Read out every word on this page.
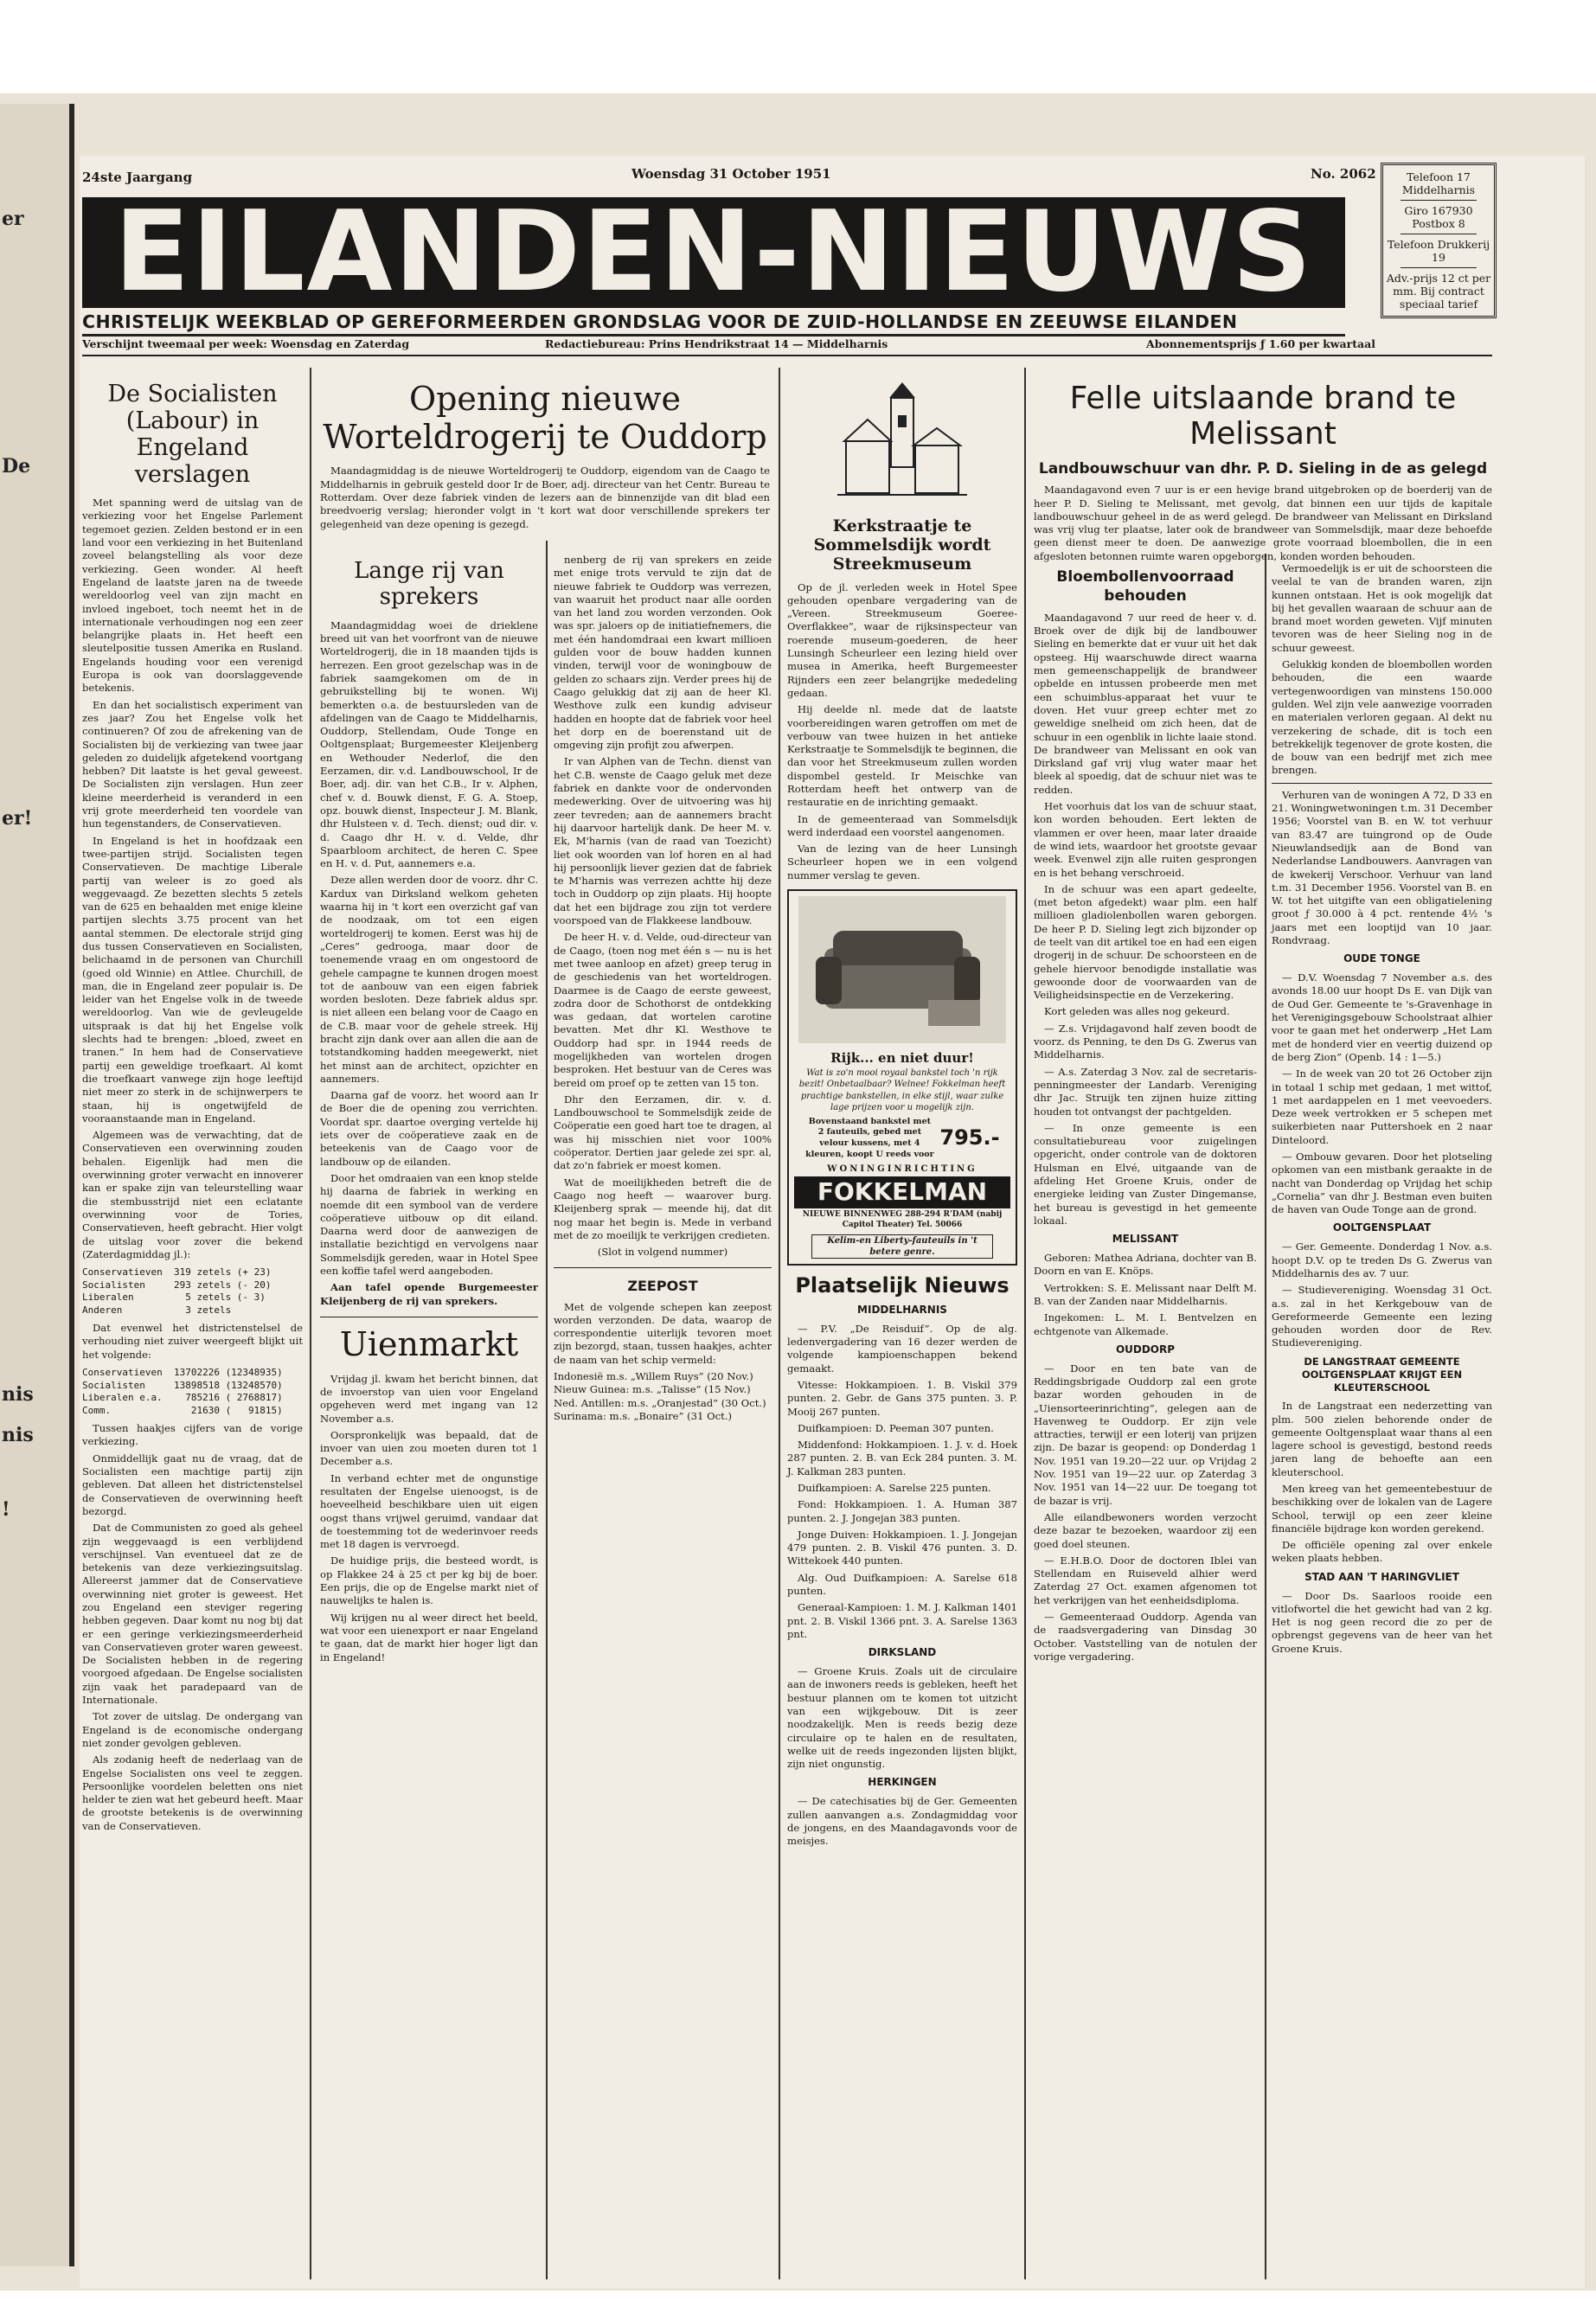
er
De
er!
nis
nis
!
24ste Jaargang	Woensdag 31 October 1951	No. 2062
EILANDEN-NIEUWS
CHRISTELIJK WEEKBLAD OP GEREFORMEERDEN GRONDSLAG VOOR DE ZUID-HOLLANDSE EN ZEEUWSE EILANDEN
Verschijnt tweemaal per week: Woensdag en Zaterdag	Redactiebureau: Prins Hendrikstraat 14 — Middelharnis	Abonnementsprijs ƒ 1.60 per kwartaal
Telefoon 17 Middelharnis
Giro 167930 Postbox 8
Telefoon Drukkerij 19
Adv.-prijs 12 ct per mm. Bij contract speciaal tarief
De Socialisten (Labour) in Engeland verslagen

Met spanning werd de uitslag van de verkiezing voor het Engelse Parlement tegemoet gezien. Zelden bestond er in een land voor een verkiezing in het Buitenland zoveel belangstelling als voor deze verkiezing. Geen wonder. Al heeft Engeland de laatste jaren na de tweede wereldoorlog veel van zijn macht en invloed ingeboet, toch neemt het in de internationale verhoudingen nog een zeer belangrijke plaats in. Het heeft een sleutelpositie tussen Amerika en Rusland. Engelands houding voor een verenigd Europa is ook van doorslaggevende betekenis.

En dan het socialistisch experiment van zes jaar? Zou het Engelse volk het continueren? Of zou de afrekening van de Socialisten bij de verkiezing van twee jaar geleden zo duidelijk afgetekend voortgang hebben? Dit laatste is het geval geweest. De Socialisten zijn verslagen. Hun zeer kleine meerderheid is veranderd in een vrij grote meerderheid ten voordele van hun tegenstanders, de Conservatieven.

In Engeland is het in hoofdzaak een twee-partijen strijd. Socialisten tegen Conservatieven. De machtige Liberale partij van weleer is zo goed als weggevaagd. Ze bezetten slechts 5 zetels van de 625 en behaalden met enige kleine partijen slechts 3.75 procent van het aantal stemmen. De electorale strijd ging dus tussen Conservatieven en Socialisten, belichaamd in de personen van Churchill (goed old Winnie) en Attlee. Churchill, de man, die in Engeland zeer populair is. De leider van het Engelse volk in de tweede wereldoorlog. Van wie de gevleugelde uitspraak is dat hij het Engelse volk slechts had te brengen: „bloed, zweet en tranen.” In hem had de Conservatieve partij een geweldige troefkaart. Al komt die troefkaart vanwege zijn hoge leeftijd niet meer zo sterk in de schijnwerpers te staan, hij is ongetwijfeld de vooraanstaande man in Engeland.

Algemeen was de verwachting, dat de Conservatieven een overwinning zouden behalen. Eigenlijk had men die overwinning groter verwacht en innoverer kan er spake zijn van teleurstelling waar die stembusstrijd niet een eclatante overwinning voor de Tories, Conservatieven, heeft gebracht. Hier volgt de uitslag voor zover die bekend (Zaterdagmiddag jl.):

Conservatieven  319 zetels (+ 23)
Socialisten     293 zetels (- 20)
Liberalen         5 zetels (- 3)
Anderen           3 zetels

Dat evenwel het districtenstelsel de verhouding niet zuiver weergeeft blijkt uit het volgende:

Conservatieven  13702226 (12348935)
Socialisten     13898518 (13248570)
Liberalen e.a.    785216 ( 2768817)
Comm.              21630 (   91815)

Tussen haakjes cijfers van de vorige verkiezing.

Onmiddellijk gaat nu de vraag, dat de Socialisten een machtige partij zijn gebleven. Dat alleen het districtenstelsel de Conservatieven de overwinning heeft bezorgd.

Dat de Communisten zo goed als geheel zijn weggevaagd is een verblijdend verschijnsel. Van eventueel dat ze de betekenis van deze verkiezingsuitslag. Allereerst jammer dat de Conservatieve overwinning niet groter is geweest. Het zou Engeland een steviger regering hebben gegeven. Daar komt nu nog bij dat er een geringe verkiezingsmeerderheid van Conservatieven groter waren geweest. De Socialisten hebben in de regering voorgoed afgedaan. De Engelse socialisten zijn vaak het paradepaard van de Internationale.

Tot zover de uitslag. De ondergang van Engeland is de economische ondergang niet zonder gevolgen gebleven.

Als zodanig heeft de nederlaag van de Engelse Socialisten ons veel te zeggen. Persoonlijke voordelen beletten ons niet helder te zien wat het gebeurd heeft. Maar de grootste betekenis is de overwinning van de Conservatieven.

Opening nieuwe Worteldrogerij te Ouddorp

Maandagmiddag is de nieuwe Worteldrogerij te Ouddorp, eigendom van de Caago te Middelharnis in gebruik gesteld door Ir de Boer, adj. directeur van het Centr. Bureau te Rotterdam. Over deze fabriek vinden de lezers aan de binnenzijde van dit blad een breedvoerig verslag; hieronder volgt in 't kort wat door verschillende sprekers ter gelegenheid van deze opening is gezegd.

Lange rij van sprekers

Maandagmiddag woei de drieklene breed uit van het voorfront van de nieuwe Worteldrogerij, die in 18 maanden tijds is herrezen. Een groot gezelschap was in de fabriek saamgekomen om de in gebruikstelling bij te wonen. Wij bemerkten o.a. de bestuursleden van de afdelingen van de Caago te Middelharnis, Ouddorp, Stellendam, Oude Tonge en Ooltgensplaat; Burgemeester Kleijenberg en Wethouder Nederlof, die den Eerzamen, dir. v.d. Landbouwschool, Ir de Boer, adj. dir. van het C.B., Ir v. Alphen, chef v. d. Bouwk dienst, F. G. A. Stoep, opz. bouwk dienst, Inspecteur J. M. Blank, dhr Hulsteen v. d. Tech. dienst; oud dir. v. d. Caago dhr H. v. d. Velde, dhr Spaarbloom architect, de heren C. Spee en H. v. d. Put, aannemers e.a.

Deze allen werden door de voorz. dhr C. Kardux van Dirksland welkom geheten waarna hij in 't kort een overzicht gaf van de noodzaak, om tot een eigen worteldrogerij te komen. Eerst was hij de „Ceres” gedrooga, maar door de toenemende vraag en om ongestoord de gehele campagne te kunnen drogen moest tot de aanbouw van een eigen fabriek worden besloten. Deze fabriek aldus spr. is niet alleen een belang voor de Caago en de C.B. maar voor de gehele streek. Hij bracht zijn dank over aan allen die aan de totstandkoming hadden meegewerkt, niet het minst aan de architect, opzichter en aannemers.

Daarna gaf de voorz. het woord aan Ir de Boer die de opening zou verrichten. Voordat spr. daartoe overging vertelde hij iets over de coöperatieve zaak en de beteekenis van de Caago voor de landbouw op de eilanden.

Door het omdraaien van een knop stelde hij daarna de fabriek in werking en noemde dit een symbool van de verdere coöperatieve uitbouw op dit eiland. Daarna werd door de aanwezigen de installatie bezichtigd en vervolgens naar Sommelsdijk gereden, waar in Hotel Spee een koffie tafel werd aangeboden.

Aan tafel opende Burgemeester Kleijenberg de rij van sprekers.

Uienmarkt

Vrijdag jl. kwam het bericht binnen, dat de invoerstop van uien voor Engeland opgeheven werd met ingang van 12 November a.s.

Oorspronkelijk was bepaald, dat de invoer van uien zou moeten duren tot 1 December a.s.

In verband echter met de ongunstige resultaten der Engelse uienoogst, is de hoeveelheid beschikbare uien uit eigen oogst thans vrijwel geruimd, vandaar dat de toestemming tot de wederinvoer reeds met 18 dagen is vervroegd.

De huidige prijs, die besteed wordt, is op Flakkee 24 à 25 ct per kg bij de boer. Een prijs, die op de Engelse markt niet of nauwelijks te halen is.

Wij krijgen nu al weer direct het beeld, wat voor een uienexport er naar Engeland te gaan, dat de markt hier hoger ligt dan in Engeland!

nenberg de rij van sprekers en zeide met enige trots vervuld te zijn dat de nieuwe fabriek te Ouddorp was verrezen, van waaruit het product naar alle oorden van het land zou worden verzonden. Ook was spr. jaloers op de initiatiefnemers, die met één handomdraai een kwart millioen gulden voor de bouw hadden kunnen vinden, terwijl voor de woningbouw de gelden zo schaars zijn. Verder prees hij de Caago gelukkig dat zij aan de heer Kl. Westhove zulk een kundig adviseur hadden en hoopte dat de fabriek voor heel het dorp en de boerenstand uit de omgeving zijn profijt zou afwerpen.

Ir van Alphen van de Techn. dienst van het C.B. wenste de Caago geluk met deze fabriek en dankte voor de ondervonden medewerking. Over de uitvoering was hij zeer tevreden; aan de aannemers bracht hij daarvoor hartelijk dank. De heer M. v. Ek, M'harnis (van de raad van Toezicht) liet ook woorden van lof horen en al had hij persoonlijk liever gezien dat de fabriek te M'harnis was verrezen achtte hij deze toch in Ouddorp op zijn plaats. Hij hoopte dat het een bijdrage zou zijn tot verdere voorspoed van de Flakkeese landbouw.

De heer H. v. d. Velde, oud-directeur van de Caago, (toen nog met één s — nu is het met twee aanloop en afzet) greep terug in de geschiedenis van het worteldrogen. Daarmee is de Caago de eerste geweest, zodra door de Schothorst de ontdekking was gedaan, dat wortelen carotine bevatten. Met dhr Kl. Westhove te Ouddorp had spr. in 1944 reeds de mogelijkheden van wortelen drogen besproken. Het bestuur van de Ceres was bereid om proef op te zetten van 15 ton.

Dhr den Eerzamen, dir. v. d. Landbouwschool te Sommelsdijk zeide de Coöperatie een goed hart toe te dragen, al was hij misschien niet voor 100% coöperator. Dertien jaar gelede zei spr. al, dat zo'n fabriek er moest komen.

Wat de moeilijkheden betreft die de Caago nog heeft — waarover burg. Kleijenberg sprak — meende hij, dat dit nog maar het begin is. Mede in verband met de zo moeilijk te verkrijgen credieten.

(Slot in volgend nummer)

ZEEPOST

Met de volgende schepen kan zeepost worden verzonden. De data, waarop de correspondentie uiterlijk tevoren moet zijn bezorgd, staan, tussen haakjes, achter de naam van het schip vermeld:

Indonesië m.s. „Willem Ruys” (20 Nov.)
Nieuw Guinea: m.s. „Talisse” (15 Nov.)
Ned. Antillen: m.s. „Oranjestad” (30 Oct.)
Surinama: m.s. „Bonaire” (31 Oct.)
Kerkstraatje te Sommelsdijk wordt Streekmuseum

Op de jl. verleden week in Hotel Spee gehouden openbare vergadering van de „Vereen. Streekmuseum Goeree-Overflakkee”, waar de rijksinspecteur van roerende museum-goederen, de heer Lunsingh Scheurleer een lezing hield over musea in Amerika, heeft Burgemeester Rijnders een zeer belangrijke mededeling gedaan.

Hij deelde nl. mede dat de laatste voorbereidingen waren getroffen om met de verbouw van twee huizen in het antieke Kerkstraatje te Sommelsdijk te beginnen, die dan voor het Streekmuseum zullen worden dispombel gesteld. Ir Meischke van Rotterdam heeft het ontwerp van de restauratie en de inrichting gemaakt.

In de gemeenteraad van Sommelsdijk werd inderdaad een voorstel aangenomen.

Van de lezing van de heer Lunsingh Scheurleer hopen we in een volgend nummer verslag te geven.

Rijk... en niet duur!
Wat is zo'n mooi royaal bankstel toch 'n rijk bezit! Onbetaalbaar? Welnee! Fokkelman heeft prachtige bankstellen, in elke stijl, waar zulke lage prijzen voor u mogelijk zijn.
Bovenstaand bankstel met 2 fauteuils, gebed met velour kussens, met 4 kleuren, koopt U reeds voor
795.-
WONINGINRICHTING
FOKKELMAN
NIEUWE BINNENWEG 288-294 R'DAM (nabij Capitol Theater) Tel. 50066
Kelim-en Liberty-fauteuils in 't betere genre.
Plaatselijk Nieuws
MIDDELHARNIS

— P.V. „De Reisduif”. Op de alg. ledenvergadering van 16 dezer werden de volgende kampioenschappen bekend gemaakt.

Vitesse: Hokkampioen. 1. B. Viskil 379 punten. 2. Gebr. de Gans 375 punten. 3. P. Mooij 267 punten.

Duifkampioen: D. Peeman 307 punten.

Middenfond: Hokkampioen. 1. J. v. d. Hoek 287 punten. 2. B. van Eck 284 punten. 3. M. J. Kalkman 283 punten.

Duifkampioen: A. Sarelse 225 punten.

Fond: Hokkampioen. 1. A. Human 387 punten. 2. J. Jongejan 383 punten.

Jonge Duiven: Hokkampioen. 1. J. Jongejan 479 punten. 2. B. Viskil 476 punten. 3. D. Wittekoek 440 punten.

Alg. Oud Duifkampioen: A. Sarelse 618 punten.

Generaal-Kampioen: 1. M. J. Kalkman 1401 pnt. 2. B. Viskil 1366 pnt. 3. A. Sarelse 1363 pnt.

DIRKSLAND

— Groene Kruis. Zoals uit de circulaire aan de inwoners reeds is gebleken, heeft het bestuur plannen om te komen tot uitzicht van een wijkgebouw. Dit is zeer noodzakelijk. Men is reeds bezig deze circulaire op te halen en de resultaten, welke uit de reeds ingezonden lijsten blijkt, zijn niet ongunstig.

HERKINGEN

— De catechisaties bij de Ger. Gemeenten zullen aanvangen a.s. Zondagmiddag voor de jongens, en des Maandagavonds voor de meisjes.

Felle uitslaande brand te Melissant
Landbouwschuur van dhr. P. D. Sieling in de as gelegd

Maandagavond even 7 uur is er een hevige brand uitgebroken op de boerderij van de heer P. D. Sieling te Melissant, met gevolg, dat binnen een uur tijds de kapitale landbouwschuur geheel in de as werd gelegd. De brandweer van Melissant en Dirksland was vrij vlug ter plaatse, later ook de brandweer van Sommelsdijk, maar deze behoefde geen dienst meer te doen. De aanwezige grote voorraad bloembollen, die in een afgesloten betonnen ruimte waren opgeborgen, konden worden behouden.

Bloembollenvoorraad behouden

Maandagavond 7 uur reed de heer v. d. Broek over de dijk bij de landbouwer Sieling en bemerkte dat er vuur uit het dak opsteeg. Hij waarschuwde direct waarna men gemeenschappelijk de brandweer opbelde en intussen probeerde men met een schuimblus-apparaat het vuur te doven. Het vuur greep echter met zo geweldige snelheid om zich heen, dat de schuur in een ogenblik in lichte laaie stond. De brandweer van Melissant en ook van Dirksland gaf vrij vlug water maar het bleek al spoedig, dat de schuur niet was te redden.

Het voorhuis dat los van de schuur staat, kon worden behouden. Eert lekten de vlammen er over heen, maar later draaide de wind iets, waardoor het grootste gevaar week. Evenwel zijn alle ruiten gesprongen en is het behang verschroeid.

In de schuur was een apart gedeelte, (met beton afgedekt) waar plm. een half millioen gladiolenbollen waren geborgen. De heer P. D. Sieling legt zich bijzonder op de teelt van dit artikel toe en had een eigen drogerij in de schuur. De schoorsteen en de gehele hiervoor benodigde installatie was gewoonde door de voorwaarden van de Veiligheidsinspectie en de Verzekering.

Kort geleden was alles nog gekeurd.

— Z.s. Vrijdagavond half zeven boodt de voorz. ds Penning, te den Ds G. Zwerus van Middelharnis.

— A.s. Zaterdag 3 Nov. zal de secretaris-penningmeester der Landarb. Vereniging dhr Jac. Struijk ten zijnen huize zitting houden tot ontvangst der pachtgelden.

— In onze gemeente is een consultatiebureau voor zuigelingen opgericht, onder controle van de doktoren Hulsman en Elvé, uitgaande van de afdeling Het Groene Kruis, onder de energieke leiding van Zuster Dingemanse, het bureau is gevestigd in het gemeente lokaal.

MELISSANT

Geboren: Mathea Adriana, dochter van B. Doorn en van E. Knöps.

Vertrokken: S. E. Melissant naar Delft M. B. van der Zanden naar Middelharnis.

Ingekomen: L. M. I. Bentvelzen en echtgenote van Alkemade.

OUDDORP

— Door en ten bate van de Reddingsbrigade Ouddorp zal een grote bazar worden gehouden in de „Uiensorteerinrichting”, gelegen aan de Havenweg te Ouddorp. Er zijn vele attracties, terwijl er een loterij van prijzen zijn. De bazar is geopend: op Donderdag 1 Nov. 1951 van 19.20—22 uur. op Vrijdag 2 Nov. 1951 van 19—22 uur. op Zaterdag 3 Nov. 1951 van 14—22 uur. De toegang tot de bazar is vrij.

Alle eilandbewoners worden verzocht deze bazar te bezoeken, waardoor zij een goed doel steunen.

— E.H.B.O. Door de doctoren Iblei van Stellendam en Ruiseveld alhier werd Zaterdag 27 Oct. examen afgenomen tot het verkrijgen van het eenheidsdiploma.

— Gemeenteraad Ouddorp. Agenda van de raadsvergadering van Dinsdag 30 October. Vaststelling van de notulen der vorige vergadering.

Vermoedelijk is er uit de schoorsteen die veelal te van de branden waren, zijn kunnen ontstaan. Het is ook mogelijk dat bij het gevallen waaraan de schuur aan de brand moet worden geweten. Vijf minuten tevoren was de heer Sieling nog in de schuur geweest.

Gelukkig konden de bloembollen worden behouden, die een waarde vertegenwoordigen van minstens 150.000 gulden. Wel zijn vele aanwezige voorraden en materialen verloren gegaan. Al dekt nu verzekering de schade, dit is toch een betrekkelijk tegenover de grote kosten, die de bouw van een bedrijf met zich mee brengen.

Verhuren van de woningen A 72, D 33 en 21. Woningwetwoningen t.m. 31 December 1956; Voorstel van B. en W. tot verhuur van 83.47 are tuingrond op de Oude Nieuwlandsedijk aan de Bond van Nederlandse Landbouwers. Aanvragen van de kwekerij Verschoor. Verhuur van land t.m. 31 December 1956. Voorstel van B. en W. tot het uitgifte van een obligatielening groot ƒ 30.000 à 4 pct. rentende 4½ 's jaars met een looptijd van 10 jaar. Rondvraag.

OUDE TONGE

— D.V. Woensdag 7 November a.s. des avonds 18.00 uur hoopt Ds E. van Dijk van de Oud Ger. Gemeente te 's-Gravenhage in het Verenigingsgebouw Schoolstraat alhier voor te gaan met het onderwerp „Het Lam met de honderd vier en veertig duizend op de berg Zion” (Openb. 14 : 1—5.)

— In de week van 20 tot 26 October zijn in totaal 1 schip met gedaan, 1 met wittof, 1 met aardappelen en 1 met veevoeders. Deze week vertrokken er 5 schepen met suikerbieten naar Puttershoek en 2 naar Dinteloord.

— Ombouw gevaren. Door het plotseling opkomen van een mistbank geraakte in de nacht van Donderdag op Vrijdag het schip „Cornelia” van dhr J. Bestman even buiten de haven van Oude Tonge aan de grond.

OOLTGENSPLAAT

— Ger. Gemeente. Donderdag 1 Nov. a.s. hoopt D.V. op te treden Ds G. Zwerus van Middelharnis des av. 7 uur.

— Studievereniging. Woensdag 31 Oct. a.s. zal in het Kerkgebouw van de Gereformeerde Gemeente een lezing gehouden worden door de Rev. Studievereniging.

DE LANGSTRAAT GEMEENTE OOLTGENSPLAAT KRIJGT EEN KLEUTERSCHOOL

In de Langstraat een nederzetting van plm. 500 zielen behorende onder de gemeente Ooltgensplaat waar thans al een lagere school is gevestigd, bestond reeds jaren lang de behoefte aan een kleuterschool.

Men kreeg van het gemeentebestuur de beschikking over de lokalen van de Lagere School, terwijl op een zeer kleine financiële bijdrage kon worden gerekend.

De officiële opening zal over enkele weken plaats hebben.

STAD AAN 'T HARINGVLIET

— Door Ds. Saarloos rooide een vitlofwortel die het gewicht had van 2 kg. Het is nog geen record die zo per de opbrengst gegevens van de heer van het Groene Kruis.
